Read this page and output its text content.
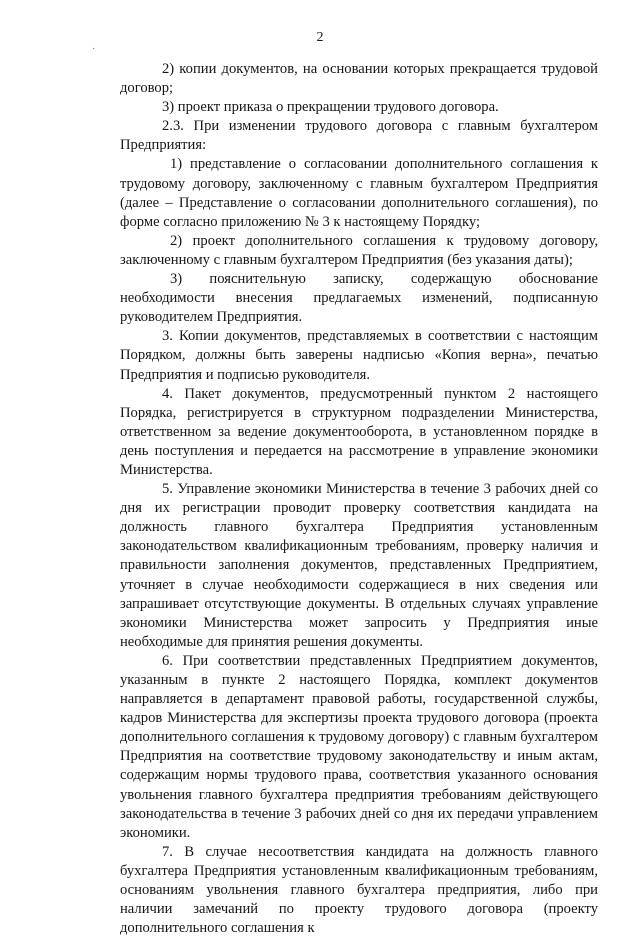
2
·

2) копии документов, на основании которых прекращается трудовой договор;

3) проект приказа о прекращении трудового договора.

2.3. При изменении трудового договора с главным бухгалтером Предприятия:

1) представление о согласовании дополнительного соглашения к трудовому договору, заключенному с главным бухгалтером Предприятия (далее – Представление о согласовании дополнительного соглашения), по форме согласно приложению № 3 к настоящему Порядку;

2) проект дополнительного соглашения к трудовому договору, заключенному с главным бухгалтером Предприятия (без указания даты);

3) пояснительную записку, содержащую обоснование необходимости внесения предлагаемых изменений, подписанную руководителем Предприятия.

3. Копии документов, представляемых в соответствии с настоящим Порядком, должны быть заверены надписью «Копия верна», печатью Предприятия и подписью руководителя.

4. Пакет документов, предусмотренный пунктом 2 настоящего Порядка, регистрируется в структурном подразделении Министерства, ответственном за ведение документооборота, в установленном порядке в день поступления и передается на рассмотрение в управление экономики Министерства.

5. Управление экономики Министерства в течение 3 рабочих дней со дня их регистрации проводит проверку соответствия кандидата на должность главного бухгалтера Предприятия установленным законодательством квалификационным требованиям, проверку наличия и правильности заполнения документов, представленных Предприятием, уточняет в случае необходимости содержащиеся в них сведения или запрашивает отсутствующие документы. В отдельных случаях управление экономики Министерства может запросить у Предприятия иные необходимые для принятия решения документы.

6. При соответствии представленных Предприятием документов, указанным в пункте 2 настоящего Порядка, комплект документов направляется в департамент правовой работы, государственной службы, кадров Министерства для экспертизы проекта трудового договора (проекта дополнительного соглашения к трудовому договору) с главным бухгалтером Предприятия на соответствие трудовому законодательству и иным актам, содержащим нормы трудового права, соответствия указанного основания увольнения главного бухгалтера предприятия требованиям действующего законодательства в течение 3 рабочих дней со дня их передачи управлением экономики.

7. В случае несоответствия кандидата на должность главного бухгалтера Предприятия установленным квалификационным требованиям, основаниям увольнения главного бухгалтера предприятия, либо при наличии замечаний по проекту трудового договора (проекту дополнительного соглашения к
